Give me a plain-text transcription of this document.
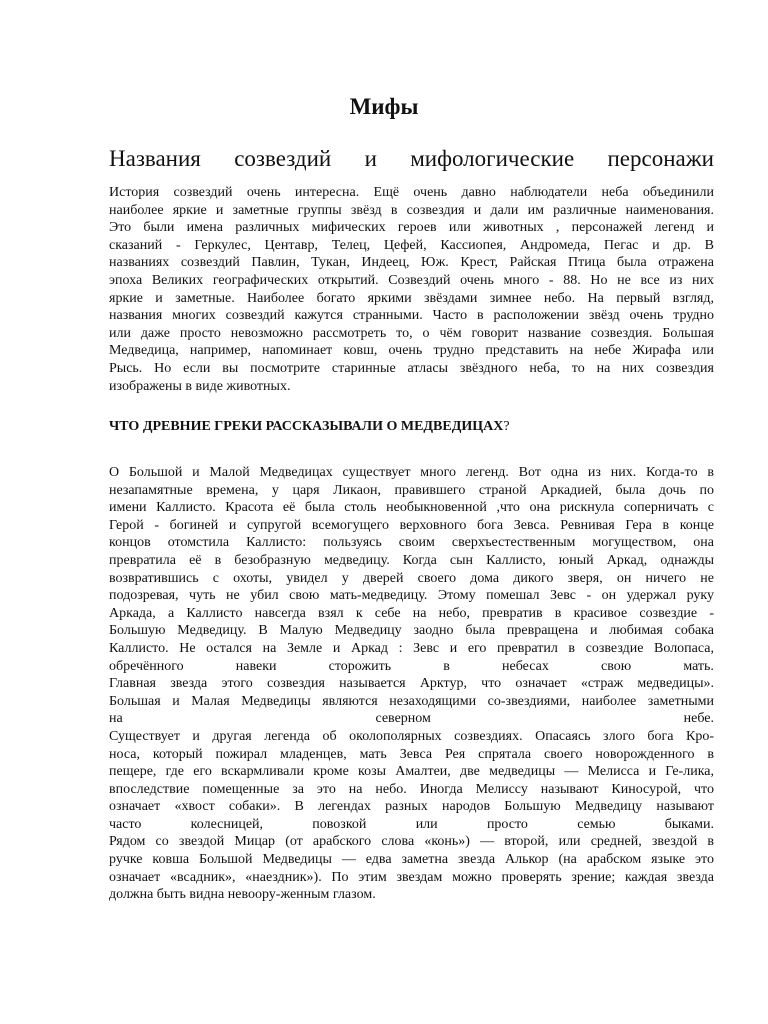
Мифы
Названия созвездий и мифологические персонажи
История созвездий очень интересна. Ещё очень давно наблюдатели неба объединили
наиболее яркие и заметные группы звёзд в созвездия и дали им различные наименования.
Это были имена различных мифических героев или животных , персонажей легенд и
сказаний - Геркулес, Центавр, Телец, Цефей, Кассиопея, Андромеда, Пегас и др. В
названиях созвездий Павлин, Тукан, Индеец, Юж. Крест, Райская Птица была отражена
эпоха Великих географических открытий. Созвездий очень много - 88. Но не все из них
яркие и заметные. Наиболее богато яркими звёздами зимнее небо. На первый взгляд,
названия многих созвездий кажутся странными. Часто в расположении звёзд очень трудно
или даже просто невозможно рассмотреть то, о чём говорит название созвездия. Большая
Медведица, например, напоминает ковш, очень трудно представить на небе Жирафа или
Рысь. Но если вы посмотрите старинные атласы звёздного неба, то на них созвездия
изображены в виде животных.
ЧТО ДРЕВНИЕ ГРЕКИ РАССКАЗЫВАЛИ О МЕДВЕДИЦАХ?
О Большой и Малой Медведицах существует много легенд. Вот одна из них. Когда-то в
незапамятные времена, у царя Ликаон, правившего страной Аркадией, была дочь по
имени Каллисто. Красота её была столь необыкновенной ,что она рискнула соперничать с
Герой - богиней и супругой всемогущего верховного бога Зевса. Ревнивая Гера в конце
концов отомстила Каллисто: пользуясь своим сверхъестественным могуществом, она
превратила её в безобразную медведицу. Когда сын Каллисто, юный Аркад, однажды
возвратившись с охоты, увидел у дверей своего дома дикого зверя, он ничего не
подозревая, чуть не убил свою мать-медведицу. Этому помешал Зевс - он удержал руку
Аркада, а Каллисто навсегда взял к себе на небо, превратив в красивое созвездие -
Большую Медведицу. В Малую Медведицу заодно была превращена и любимая собака
Каллисто. Не остался на Земле и Аркад : Зевс и его превратил в созвездие Волопаса,
обречённого	навеки	сторожить	в	небесах	свою	мать.
Главная звезда этого созвездия называется Арктур, что означает «страж медведицы».
Большая и Малая Медведицы являются незаходящими со-звездиями, наиболее заметными
на	северном	небе.
Существует и другая легенда об околополярных созвездиях. Опасаясь злого бога Кро-
носа, который пожирал младенцев, мать Зевса Рея спрятала своего новорожденного в
пещере, где его вскармливали кроме козы Амалтеи, две медведицы — Мелисса и Ге-лика,
впоследствие помещенные за это на небо. Иногда Мелиссу называют Киносурой, что
означает «хвост собаки». В легендах разных народов Большую Медведицу называют
часто	колесницей,	повозкой	или	просто	семью	быками.
Рядом со звездой Мицар (от арабского слова «конь») — второй, или средней, звездой в
ручке ковша Большой Медведицы — едва заметна звезда Алькор (на арабском языке это
означает «всадник», «наездник»). По этим звездам можно проверять зрение; каждая звезда
должна быть видна невоору-женным глазом.
